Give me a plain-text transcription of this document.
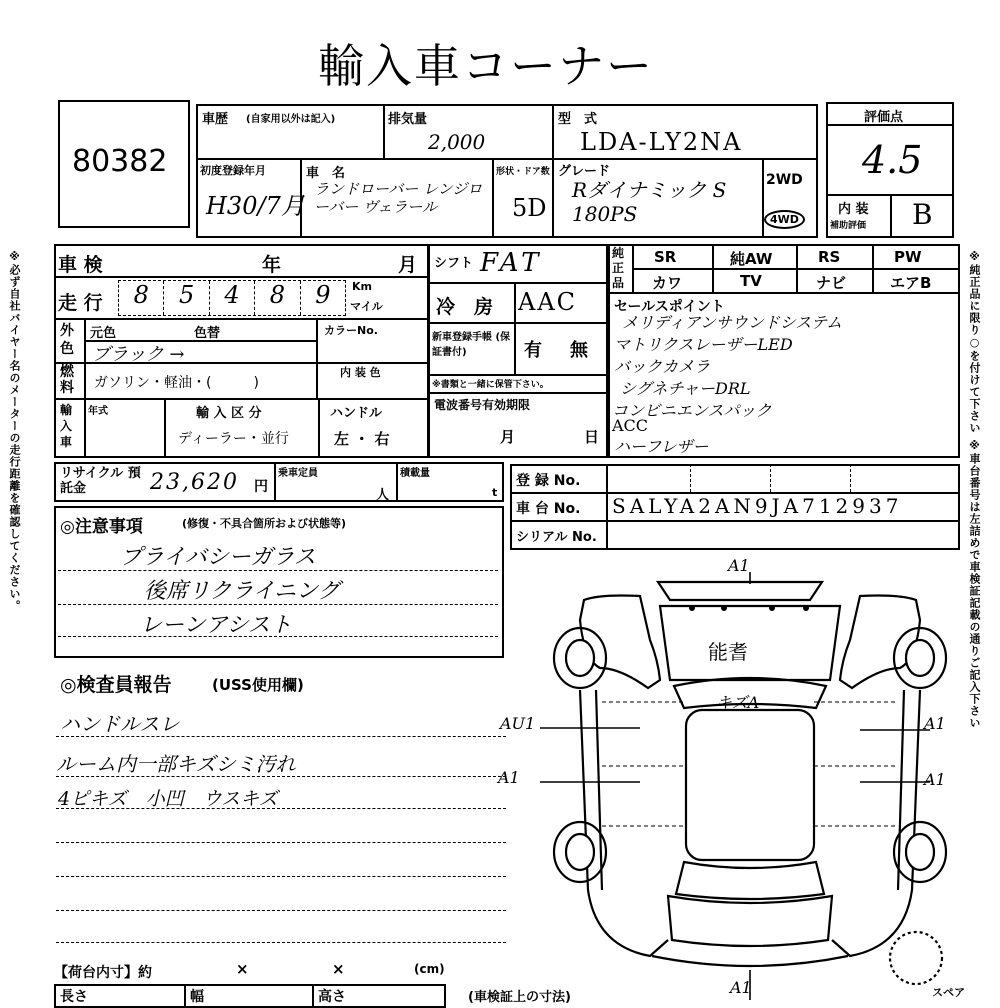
輸入車コーナー
80382
車歴 (自家用以外は記入)	排気量
2,000
型　式
LDA-LY2NA
初度登録年月
H30/7月
車　名
ランドローバー レンジローバー ヴェラール
形状・ドア数
5D
グレード
Rダイナミック S 180PS
2WD
4WD
評価点
4.5
内 装
補助評価 B
※必ず自社バイヤー名のメーターの走行距離を確認してください。	※純正品に限り○を付けて下さい ※車台番号は左詰めで車検証記載の通りご記入下さい
車 検	年	月
走 行	8	5	4	8	9	Km
マイル
外色
元色	色替
ブラック →
カラーNo.
燃料 ガソリン・軽油・(　　　)
内 装 色
輸入車
年式	輸 入 区 分
ディーラー・並行
ハンドル
左 ・ 右
シフト FAT
冷　房 AAC
新車登録手帳 (保証書付)	有 無
※書類と一緒に保管下さい。
電波番号有効期限
月	日
純正品
SR	純AW	RS	PW
カワ	TV	ナビ	エアB
セールスポイント
メリディアンサウンドシステム
マトリクスレーザーLED
バックカメラ
シグネチャーDRL
コンビニエンスパック
ACC
ハーフレザー
リサイクル 預託金	23,620 円
乗車定員
人
積載量
t
登 録 No.
車 台 No. SALYA2AN9JA712937
シリアル No.
◎注意事項	(修復・不具合箇所および状態等)
プライバシーガラス
後席リクライニング
レーンアシスト
◎検査員報告	(USS使用欄)
ハンドルスレ
ルーム内一部キズシミ汚れ
4ピキズ　小凹　ウスキズ
【荷台内寸】約	×	×	(cm)
長さ	幅	高さ	(車検証上の寸法)	スペア
A1
能耆
キズA
AU1
A1
A1
A1
A1
